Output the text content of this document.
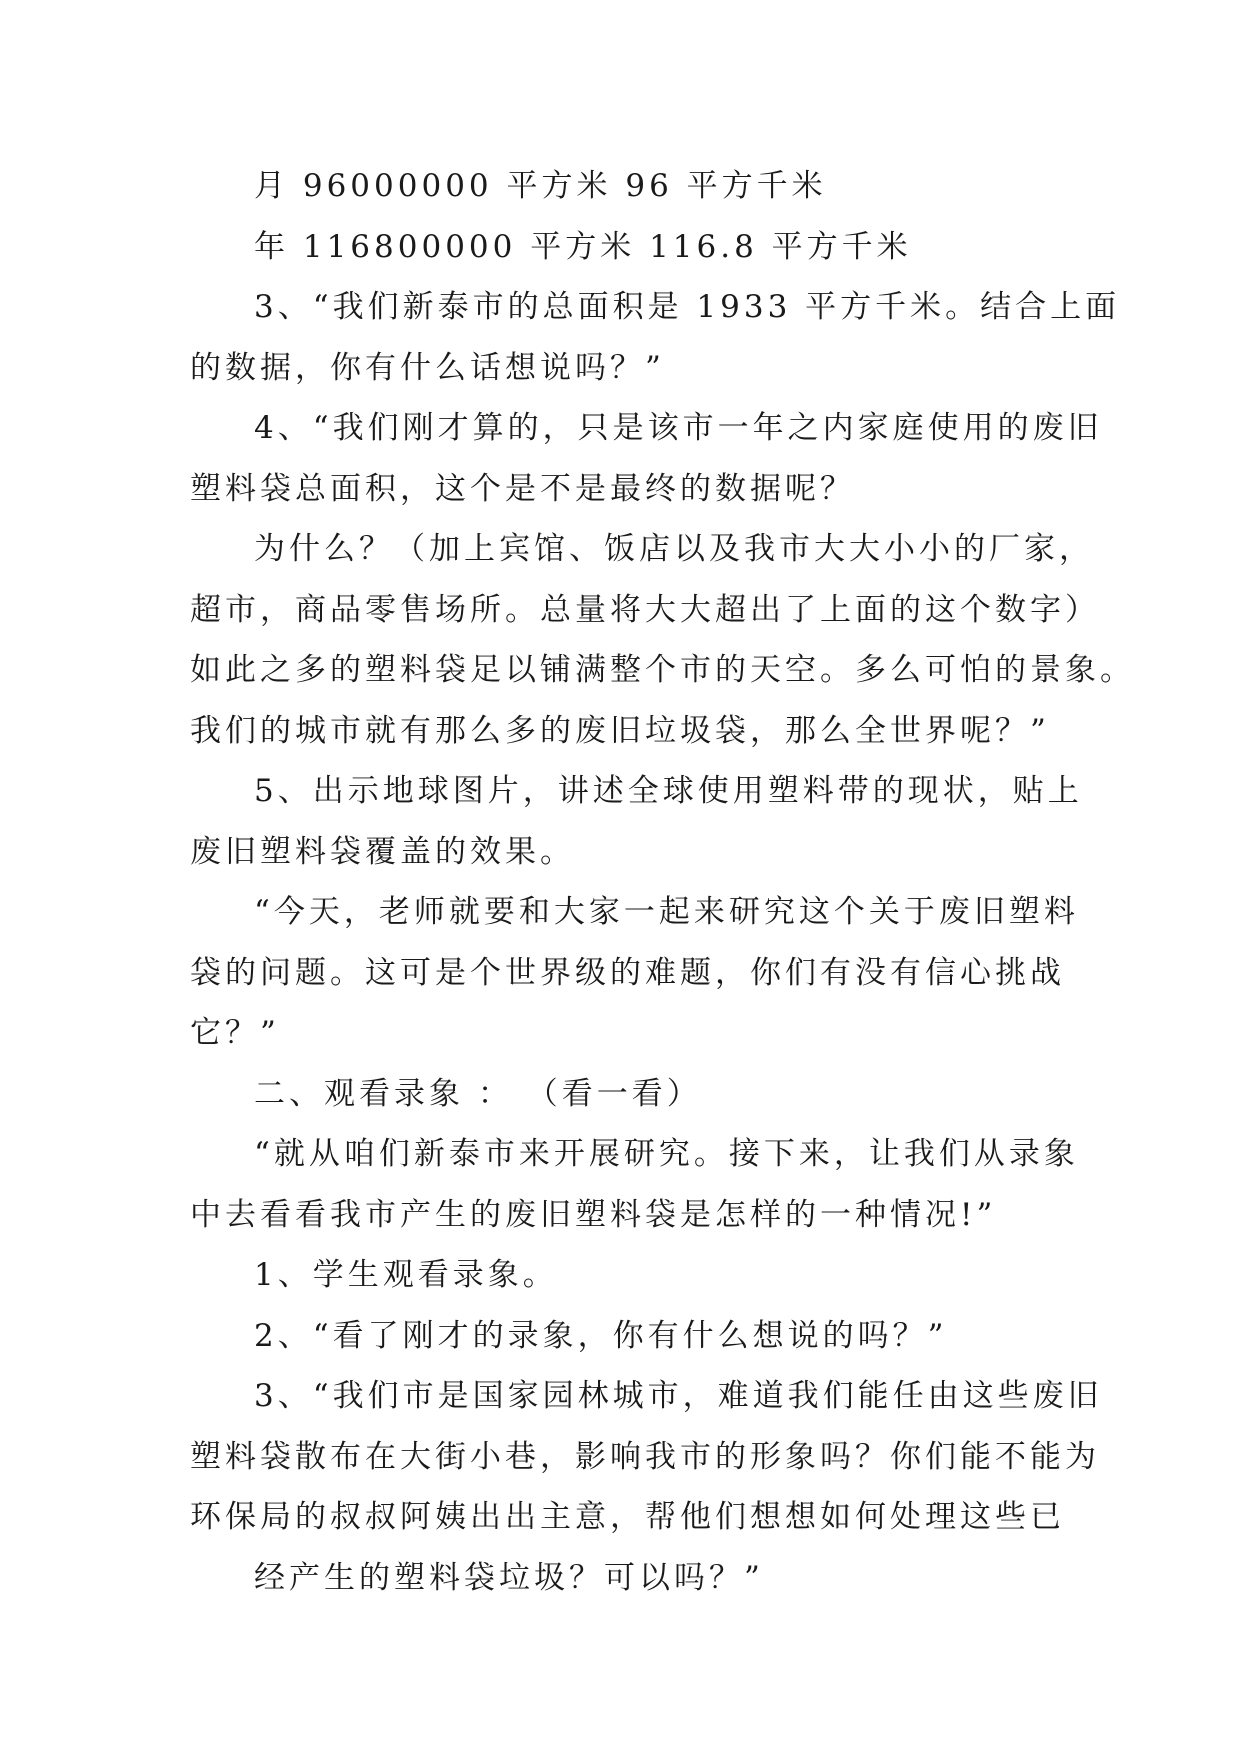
月 96000000 平方米 96 平方千米
年 116800000 平方米 116.8 平方千米
3、“我们新泰市的总面积是 1933 平方千米。结合上面
的数据，你有什么话想说吗？”
4、“我们刚才算的，只是该市一年之内家庭使用的废旧
塑料袋总面积，这个是不是最终的数据呢？
为什么？（加上宾馆、饭店以及我市大大小小的厂家，
超市，商品零售场所。总量将大大超出了上面的这个数字）
如此之多的塑料袋足以铺满整个市的天空。多么可怕的景象。
我们的城市就有那么多的废旧垃圾袋，那么全世界呢？”
5、出示地球图片，讲述全球使用塑料带的现状，贴上
废旧塑料袋覆盖的效果。
“今天，老师就要和大家一起来研究这个关于废旧塑料
袋的问题。这可是个世界级的难题，你们有没有信心挑战
它？”
二、观看录象 ： （看一看）
“就从咱们新泰市来开展研究。接下来，让我们从录象
中去看看我市产生的废旧塑料袋是怎样的一种情况!”
1、学生观看录象。
2、“看了刚才的录象，你有什么想说的吗？”
3、“我们市是国家园林城市，难道我们能任由这些废旧
塑料袋散布在大街小巷，影响我市的形象吗？你们能不能为
环保局的叔叔阿姨出出主意，帮他们想想如何处理这些已
经产生的塑料袋垃圾？可以吗？”
